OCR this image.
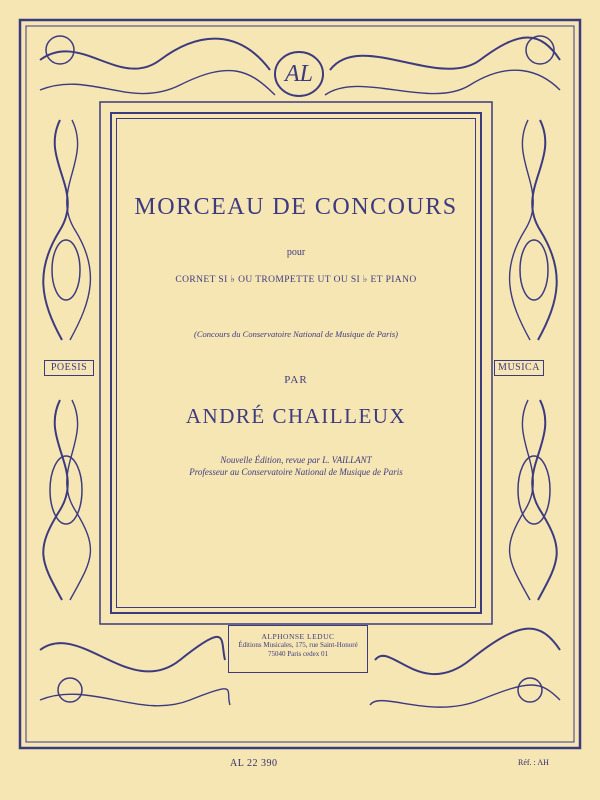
AL
POESIS	MUSICA
MORCEAU DE CONCOURS
pour
CORNET SI ♭ OU TROMPETTE UT OU SI ♭ ET PIANO
(Concours du Conservatoire National de Musique de Paris)
PAR
ANDRÉ CHAILLEUX
Nouvelle Édition, revue par L. VAILLANT
Professeur au Conservatoire National de Musique de Paris
ALPHONSE LEDUC
Éditions Musicales, 175, rue Saint-Honoré
75040 Paris cedex 01
AL 22 390	Réf. : AH
